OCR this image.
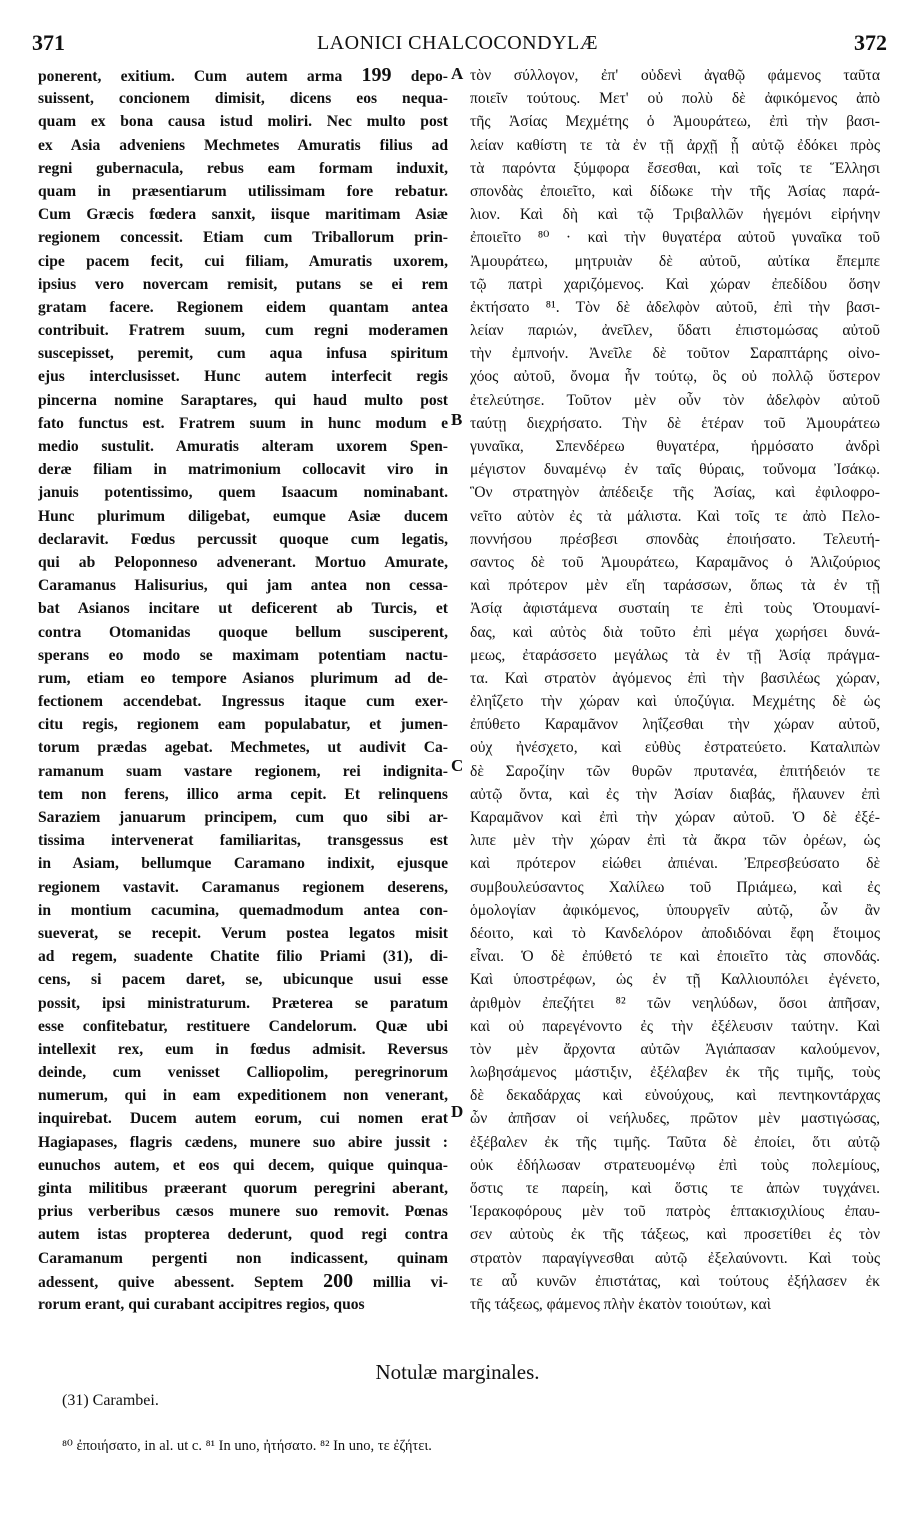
371	LAONICI CHALCOCONDYLÆ	372
ponerent, exitium. Cum autem arma 199 depo-
suissent, concionem dimisit, dicens eos nequa-
quam ex bona causa istud moliri. Nec multo post
ex Asia adveniens Mechmetes Amuratis filius ad
regni gubernacula, rebus eam formam induxit,
quam in præsentiarum utilissimam fore rebatur.
Cum Græcis fœdera sanxit, iisque maritimam Asiæ
regionem concessit. Etiam cum Triballorum prin-
cipe pacem fecit, cui filiam, Amuratis uxorem,
ipsius vero novercam remisit, putans se ei rem
gratam facere. Regionem eidem quantam antea
contribuit. Fratrem suum, cum regni moderamen
suscepisset, peremit, cum aqua infusa spiritum
ejus interclusisset. Hunc autem interfecit regis
pincerna nomine Saraptares, qui haud multo post
fato functus est. Fratrem suum in hunc modum e
medio sustulit. Amuratis alteram uxorem Spen-
deræ filiam in matrimonium collocavit viro in
januis potentissimo, quem Isaacum nominabant.
Hunc plurimum diligebat, eumque Asiæ ducem
declaravit. Fœdus percussit quoque cum legatis,
qui ab Peloponneso advenerant. Mortuo Amurate,
Caramanus Halisurius, qui jam antea non cessa-
bat Asianos incitare ut deficerent ab Turcis, et
contra Otomanidas quoque bellum susciperent,
sperans eo modo se maximam potentiam nactu-
rum, etiam eo tempore Asianos plurimum ad de-
fectionem accendebat. Ingressus itaque cum exer-
citu regis, regionem eam populabatur, et jumen-
torum prædas agebat. Mechmetes, ut audivit Ca-
ramanum suam vastare regionem, rei indignita-
tem non ferens, illico arma cepit. Et relinquens
Saraziem januarum principem, cum quo sibi ar-
tissima intervenerat familiaritas, transgessus est
in Asiam, bellumque Caramano indixit, ejusque
regionem vastavit. Caramanus regionem deserens,
in montium cacumina, quemadmodum antea con-
sueverat, se recepit. Verum postea legatos misit
ad regem, suadente Chatite filio Priami (31), di-
cens, si pacem daret, se, ubicunque usui esse
possit, ipsi ministraturum. Præterea se paratum
esse confitebatur, restituere Candelorum. Quæ ubi
intellexit rex, eum in fœdus admisit. Reversus
deinde, cum venisset Calliopolim, peregrinorum
numerum, qui in eam expeditionem non venerant,
inquirebat. Ducem autem eorum, cui nomen erat
Hagiapases, flagris cædens, munere suo abire jussit :
eunuchos autem, et eos qui decem, quique quinqua-
ginta militibus præerant quorum peregrini aberant,
prius verberibus cæsos munere suo removit. Pœnas
autem istas propterea dederunt, quod regi contra
Caramanum pergenti non indicassent, quinam
adessent, quive abessent. Septem 200 millia vi-
rorum erant, qui curabant accipitres regios, quos
τὸν σύλλογον, ἐπ' οὐδενὶ ἀγαθῷ φάμενος ταῦτα
ποιεῖν τούτους. Μετ' οὐ πολὺ δὲ ἀφικόμενος ἀπὸ
τῆς Ἀσίας Μεχμέτης ὁ Ἀμουράτεω, ἐπὶ τὴν βασι-
λείαν καθίστη τε τὰ ἐν τῇ ἀρχῇ ᾗ αὐτῷ ἐδόκει πρὸς
τὰ παρόντα ξύμφορα ἔσεσθαι, καὶ τοῖς τε Ἕλλησι
σπονδὰς ἐποιεῖτο, καὶ δίδωκε τὴν τῆς Ἀσίας παρά-
λιον. Καὶ δὴ καὶ τῷ Τριβαλλῶν ἡγεμόνι εἰρήνην
ἐποιεῖτο ⁸⁰ · καὶ τὴν θυγατέρα αὐτοῦ γυναῖκα τοῦ
Ἀμουράτεω, μητρυιὰν δὲ αὐτοῦ, αὐτίκα ἔπεμπε
τῷ πατρὶ χαριζόμενος. Καὶ χώραν ἐπεδίδου ὅσην
ἐκτήσατο ⁸¹. Τὸν δὲ ἀδελφὸν αὐτοῦ, ἐπὶ τὴν βασι-
λείαν παριών, ἀνεῖλεν, ὕδατι ἐπιστομώσας αὐτοῦ
τὴν ἐμπνοήν. Ἀνεῖλε δὲ τοῦτον Σαραπτάρης οἰνο-
χόος αὐτοῦ, ὄνομα ἦν τούτῳ, ὃς οὐ πολλῷ ὕστερον
ἐτελεύτησε. Τοῦτον μὲν οὖν τὸν ἀδελφὸν αὐτοῦ
ταύτῃ διεχρήσατο. Τὴν δὲ ἑτέραν τοῦ Ἀμουράτεω
γυναῖκα, Σπενδέρεω θυγατέρα, ἡρμόσατο ἀνδρὶ
μέγιστον δυναμένῳ ἐν ταῖς θύραις, τοὔνομα Ἰσάκῳ.
Ὃν στρατηγὸν ἀπέδειξε τῆς Ἀσίας, καὶ ἐφιλοφρο-
νεῖτο αὐτὸν ἐς τὰ μάλιστα. Καὶ τοῖς τε ἀπὸ Πελο-
ποννήσου πρέσβεσι σπονδὰς ἐποιήσατο. Τελευτή-
σαντος δὲ τοῦ Ἀμουράτεω, Καραμᾶνος ὁ Ἀλιζούριος
καὶ πρότερον μὲν εἴη ταράσσων, ὅπως τὰ ἐν τῇ
Ἀσίᾳ ἀφιστάμενα συσταίη τε ἐπὶ τοὺς Ὀτουμανί-
δας, καὶ αὐτὸς διὰ τοῦτο ἐπὶ μέγα χωρήσει δυνά-
μεως, ἐταράσσετο μεγάλως τὰ ἐν τῇ Ἀσίᾳ πράγμα-
τα. Καὶ στρατὸν ἀγόμενος ἐπὶ τὴν βασιλέως χώραν,
ἐληΐζετο τὴν χώραν καὶ ὑποζύγια. Μεχμέτης δὲ ὡς
ἐπύθετο Καραμᾶνον ληΐζεσθαι τὴν χώραν αὐτοῦ,
οὐχ ἠνέσχετο, καὶ εὐθὺς ἐστρατεύετο. Καταλιπὼν
δὲ Σαροζίην τῶν θυρῶν πρυτανέα, ἐπιτήδειόν τε
αὐτῷ ὄντα, καὶ ἐς τὴν Ἀσίαν διαβάς, ἤλαυνεν ἐπὶ
Καραμᾶνον καὶ ἐπὶ τὴν χώραν αὐτοῦ. Ὁ δὲ ἐξέ-
λιπε μὲν τὴν χώραν ἐπὶ τὰ ἄκρα τῶν ὀρέων, ὡς
καὶ πρότερον εἰώθει ἀπιέναι. Ἐπρεσβεύσατο δὲ
συμβουλεύσαντος Χαλίλεω τοῦ Πριάμεω, καὶ ἐς
ὁμολογίαν ἀφικόμενος, ὑπουργεῖν αὐτῷ, ὧν ἂν
δέοιτο, καὶ τὸ Κανδελόρον ἀποδιδόναι ἔφη ἕτοιμος
εἶναι. Ὁ δὲ ἐπύθετό τε καὶ ἐποιεῖτο τὰς σπονδάς.
Καὶ ὑποστρέφων, ὡς ἐν τῇ Καλλιουπόλει ἐγένετο,
ἀριθμὸν ἐπεζήτει ⁸² τῶν νεηλύδων, ὅσοι ἀπῆσαν,
καὶ οὐ παρεγένοντο ἐς τὴν ἐξέλευσιν ταύτην. Καὶ
τὸν μὲν ἄρχοντα αὐτῶν Ἀγιάπασαν καλούμενον,
λωβησάμενος μάστιξιν, ἐξέλαβεν ἐκ τῆς τιμῆς, τοὺς
δὲ δεκαδάρχας καὶ εὐνούχους, καὶ πεντηκοντάρχας
ὧν ἀπῆσαν οἱ νεήλυδες, πρῶτον μὲν μαστιγώσας,
ἐξέβαλεν ἐκ τῆς τιμῆς. Ταῦτα δὲ ἐποίει, ὅτι αὐτῷ
οὐκ ἐδήλωσαν στρατευομένῳ ἐπὶ τοὺς πολεμίους,
ὅστις τε παρείη, καὶ ὅστις τε ἀπὼν τυγχάνει.
Ἱερακοφόρους μὲν τοῦ πατρὸς ἑπτακισχιλίους ἐπαυ-
σεν αὐτοὺς ἐκ τῆς τάξεως, καὶ προσετίθει ἐς τὸν
στρατὸν παραγίγνεσθαι αὐτῷ ἐξελαύνοντι. Καὶ τοὺς
τε αὖ κυνῶν ἐπιστάτας, καὶ τούτους ἐξήλασεν ἐκ
τῆς τάξεως, φάμενος πλὴν ἑκατὸν τοιούτων, καὶ
A
B
C
D
Notulæ marginales.
(31) Carambei.
⁸⁰ ἐποιήσατο, in al. ut c. ⁸¹ In uno, ἠτήσατο. ⁸² In uno, τε ἐζήτει.
